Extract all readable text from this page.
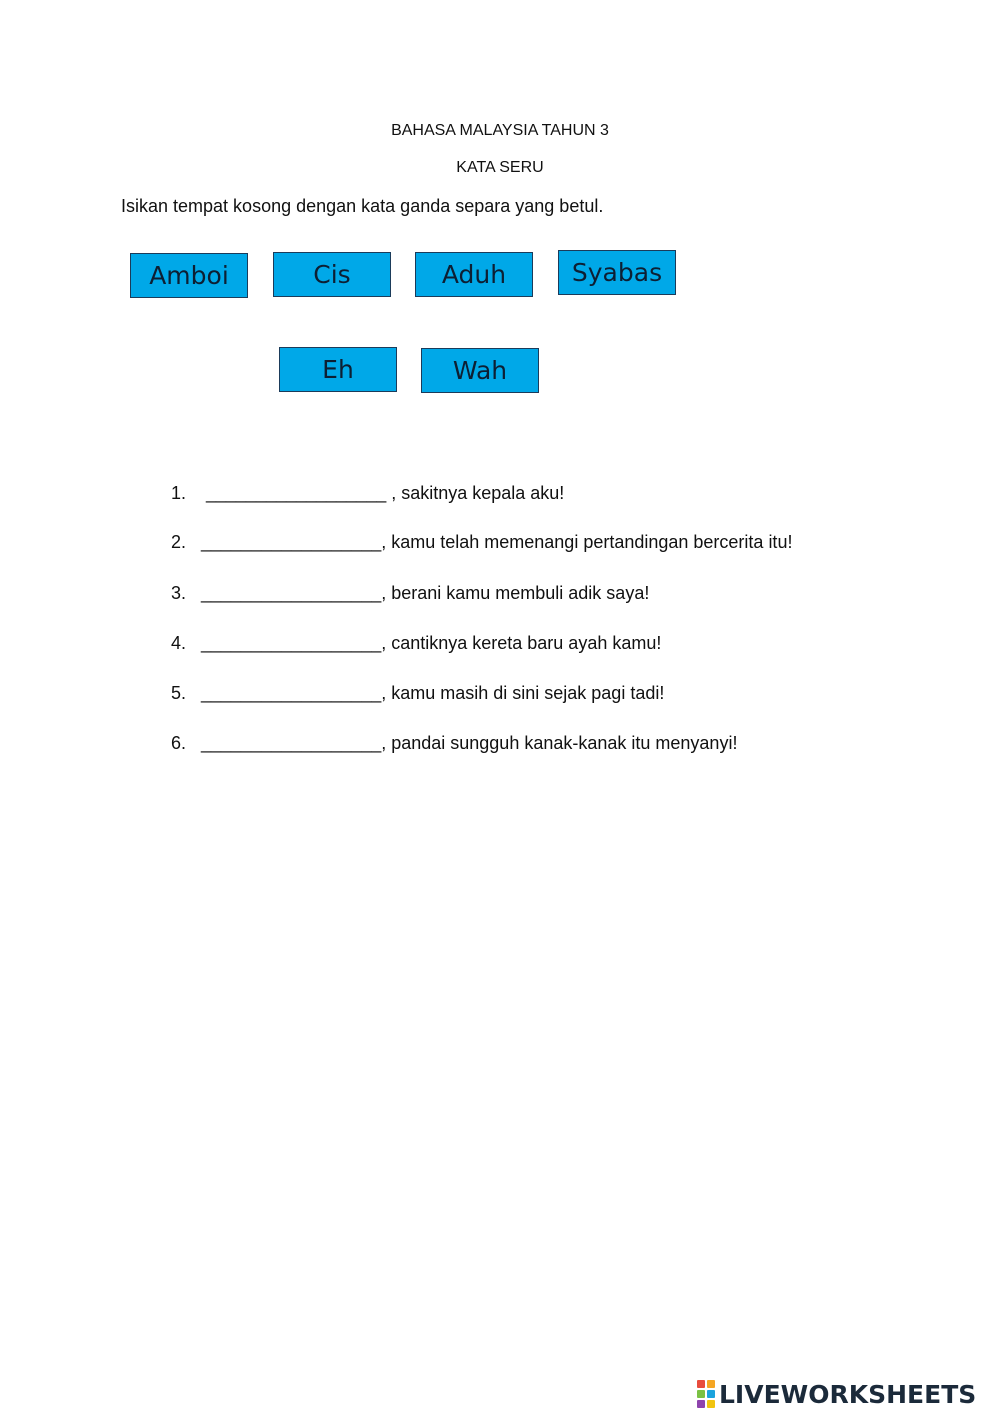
BAHASA MALAYSIA TAHUN 3
KATA SERU
Isikan tempat kosong dengan kata ganda separa yang betul.
Amboi	Cis	Aduh	Syabas
Eh	Wah

1. __________________ , sakitnya kepala aku!

2. __________________, kamu telah memenangi pertandingan bercerita itu!

3. __________________, berani kamu membuli adik saya!

4. __________________, cantiknya kereta baru ayah kamu!

5. __________________, kamu masih di sini sejak pagi tadi!

6. __________________, pandai sungguh kanak-kanak itu menyanyi!

LIVEWORKSHEETS
